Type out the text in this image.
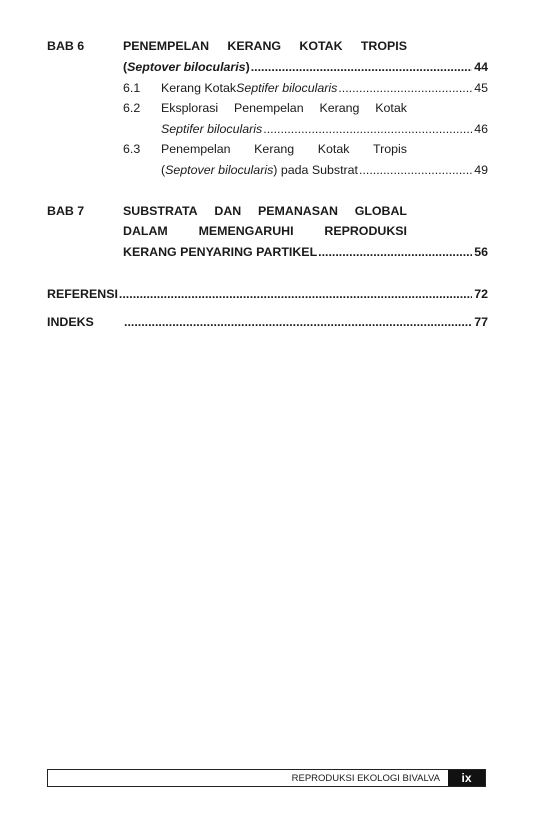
BAB 6	PENEMPELAN KERANG KOTAK TROPIS
( Septover bilocularis ) .....	44
6.1 Kerang Kotak Septifer bilocularis .....	45
6.2 Eksplorasi Penempelan Kerang Kotak
Septifer bilocularis .....	46
6.3 Penempelan Kerang Kotak Tropis
( Septover bilocularis ) pada Substrat .....	49
BAB 7	SUBSTRATA DAN PEMANASAN GLOBAL
DALAM MEMENGARUHI REPRODUKSI
KERANG PENYARING PARTIKEL .....	56
REFERENSI .....	72
INDEKS .....	77
REPRODUKSI EKOLOGI BIVALVA	ix
